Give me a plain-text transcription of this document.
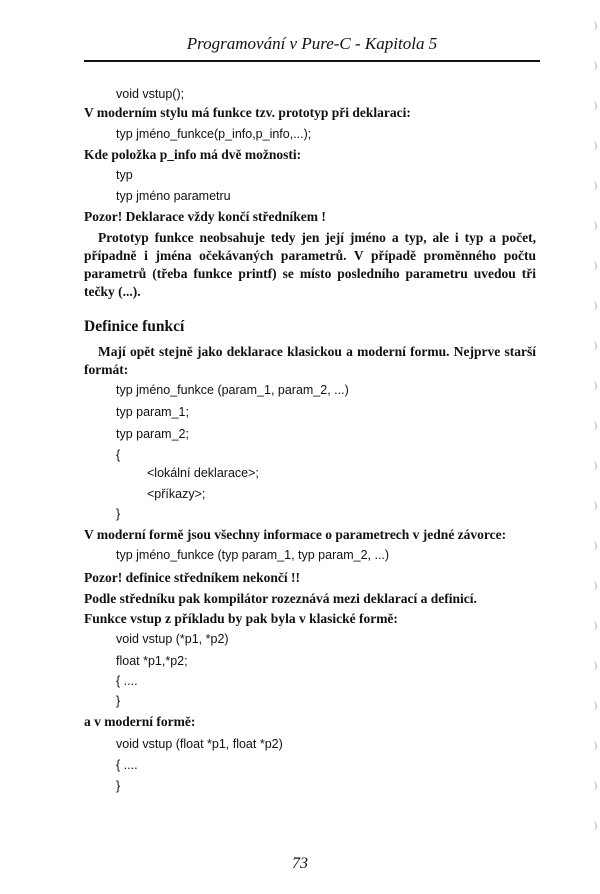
Programování v Pure-C - Kapitola 5
void vstup();
V moderním stylu má funkce tzv. prototyp při deklaraci:
typ jméno_funkce(p_info,p_info,...);
Kde položka p_info má dvě možnosti:
typ
typ jméno parametru
Pozor! Deklarace vždy končí středníkem !
Prototyp funkce neobsahuje tedy jen její jméno a typ, ale i typ a počet, případně i jména očekávaných parametrů. V případě proměnného počtu parametrů (třeba funkce printf) se místo posledního parametru uvedou tři tečky (...).
Definice funkcí
Mají opět stejně jako deklarace klasickou a moderní formu. Nejprve starší formát:
typ jméno_funkce (param_1, param_2, ...)
typ param_1;
typ param_2;
{
<lokální deklarace>;
<příkazy>;
}
V moderní formě jsou všechny informace o parametrech v jedné závorce:
typ jméno_funkce (typ param_1, typ param_2, ...)
Pozor! definice středníkem nekončí !!
Podle středníku pak kompilátor rozeznává mezi deklarací a definicí.
Funkce vstup z příkladu by pak byla v klasické formě:
void vstup (*p1, *p2)
float *p1,*p2;
{ ....
}
a v moderní formě:
void vstup (float *p1, float *p2)
{ ....
}
73
)
)
)
)
)
)
)
)
)
)
)
)
)
)
)
)
)
)
)
)
)
